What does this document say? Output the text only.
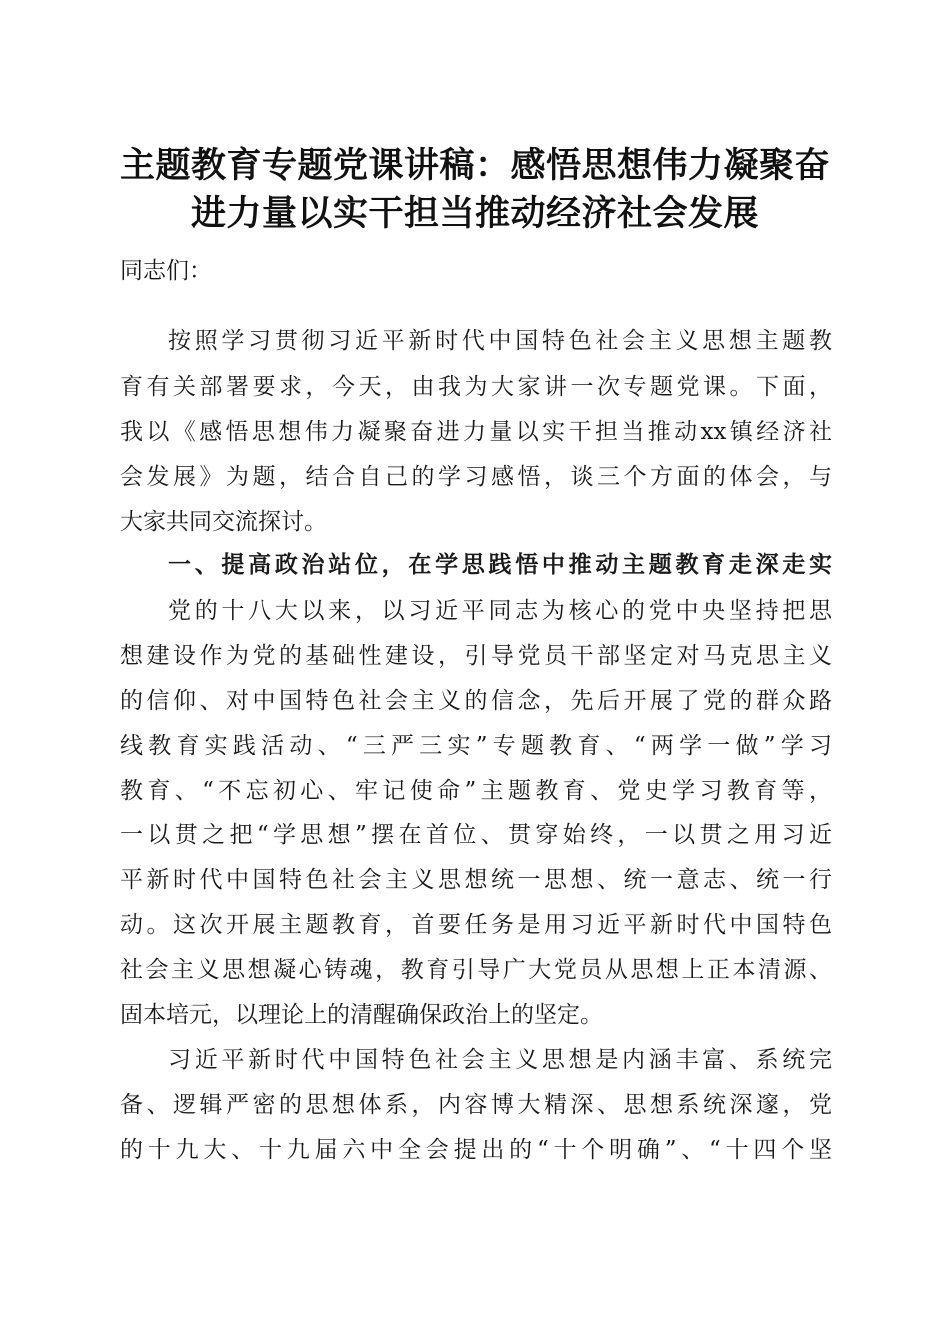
主题教育专题党课讲稿：感悟思想伟力凝聚奋
进力量以实干担当推动经济社会发展
同志们：
按照学习贯彻习近平新时代中国特色社会主义思想主题教
育有关部署要求，今天，由我为大家讲一次专题党课。下面，
我以《感悟思想伟力凝聚奋进力量以实干担当推动xx镇经济社
会发展》为题，结合自己的学习感悟，谈三个方面的体会，与
大家共同交流探讨。
一、提高政治站位，在学思践悟中推动主题教育走深走实
党的十八大以来，以习近平同志为核心的党中央坚持把思
想建设作为党的基础性建设，引导党员干部坚定对马克思主义
的信仰、对中国特色社会主义的信念，先后开展了党的群众路
线教育实践活动、“三严三实”专题教育、“两学一做”学习
教育、“不忘初心、牢记使命”主题教育、党史学习教育等，
一以贯之把“学思想”摆在首位、贯穿始终，一以贯之用习近
平新时代中国特色社会主义思想统一思想、统一意志、统一行
动。这次开展主题教育，首要任务是用习近平新时代中国特色
社会主义思想凝心铸魂，教育引导广大党员从思想上正本清源、
固本培元，以理论上的清醒确保政治上的坚定。
习近平新时代中国特色社会主义思想是内涵丰富、系统完
备、逻辑严密的思想体系，内容博大精深、思想系统深邃，党
的十九大、十九届六中全会提出的“十个明确”、“十四个坚
